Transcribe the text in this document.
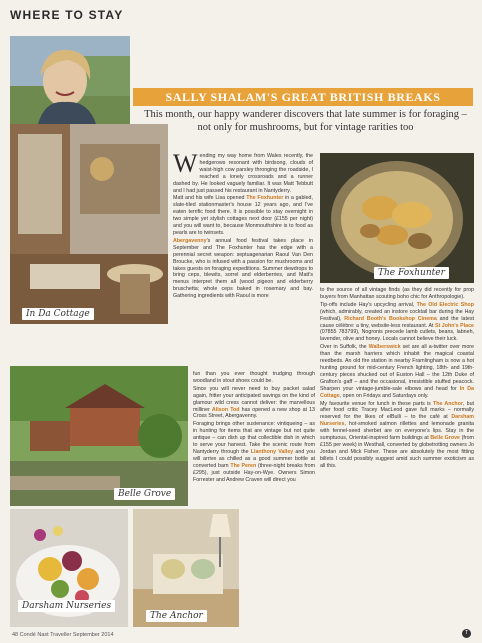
WHERE TO STAY
SALLY SHALAM'S GREAT BRITISH BREAKS
This month, our happy wanderer discovers that late summer is for foraging – not only for mushrooms, but for vintage rarities too

Wending my way home from Wales recently, the hedgerows resonant with birdsong, clouds of waist-high cow parsley thronging the roadside, I reached a lonely crossroads and a runner dashed by. He looked vaguely familiar. It was Matt Tebbutt and I had just passed his restaurant in Nantyderry.

Matt and his wife Lisa opened The Foxhunter in a gabled, slate-tiled stationmaster's house 12 years ago, and I've eaten terrific food there. It is possible to stay overnight in two simple yet stylish cottages next door (£155 per night) and you will want to, because Monmouthshire is to food as pearls are to twinsets.

Abergavenny's annual food festival takes place in September and The Foxhunter has the edge with a perennial secret weapon: septuagenarian Raoul Van Den Broucke, who is infused with a passion for mushrooms and takes guests on foraging expeditions. Summer dewdrops to bring ceps, blewits, sorrel and elderberries, and Matt's menus interpret them all (wood pigeon and elderberry bruschetta; whole ceps baked in rosemary and bay. Gathering ingredients with Raoul is more

fun than you ever thought trudging through woodland in stout shoes could be.

Since you will never need to buy packet salad again, fritter your anticipated savings on the kind of glamour wild cress cannot deliver: the marvellous milliner Alison Tod has opened a new shop at 13 Cross Street, Abergavenny.

Foraging brings other sustenance: vintiqueing – as in hunting for items that are vintage but not quite antique – can dish up that collectible dish in which to serve your harvest. Take the scenic route from Nantyderry through the Llanthony Valley and you will arrive as chilled as a good summer bottle at converted barn The Peren (three-night breaks from £295), just outside Hay-on-Wye. Owners Simon Forrester and Andrew Craven will direct you

to the source of all vintage finds (as they did recently for prop buyers from Manhattan scouting boho chic for Anthropologie).

Tip-offs include Hay's upcycling arrival, The Old Electric Shop (which, admirably, created an instore cocktail bar during the Hay Festival), Richard Booth's Bookshop Cinema and the latest cause célèbre: a tiny, website-less restaurant. At St John's Place (07855 783799), Nogronis precede lamb cutlets, beans, labneh, lavender, olive and honey. Locals cannot believe their luck.

Over in Suffolk, the Walberswick set are all a-twitter over more than the marsh harriers which inhabit the magical coastal reedbeds. An old fire station in nearby Framlingham is now a hot hunting ground for mid-century French lighting, 18th- and 19th-century pieces shucked out of Euston Hall – the 12th Duke of Grafton's gaff – and the occasional, irresistible stuffed peacock. Sharpen your vintage-jumble-sale elbows and head for In Da Cottage, open on Fridays and Saturdays only.

My favourite venue for lunch in these parts is The Anchor, but after food critic Tracey MacLeod gave full marks – normally reserved for the likes of elBulli – to the café at Darsham Nurseries, hot-smoked salmon rillettes and lemonade granita with fennel-seed sherbet are on everyone's lips. Stay in the sumptuous, Oriental-inspired farm buildings at Belle Grove (from £155 per week) in Westhall, converted by globetrotting owners Jo Jordan and Mick Fisher. These are absolutely the most fitting billets I could possibly suggest amid such summer exoticism as all this.

In Da Cottage
The Foxhunter
Belle Grove
Darsham Nurseries
The Anchor
48 Condé Nast Traveller September 2014	T
